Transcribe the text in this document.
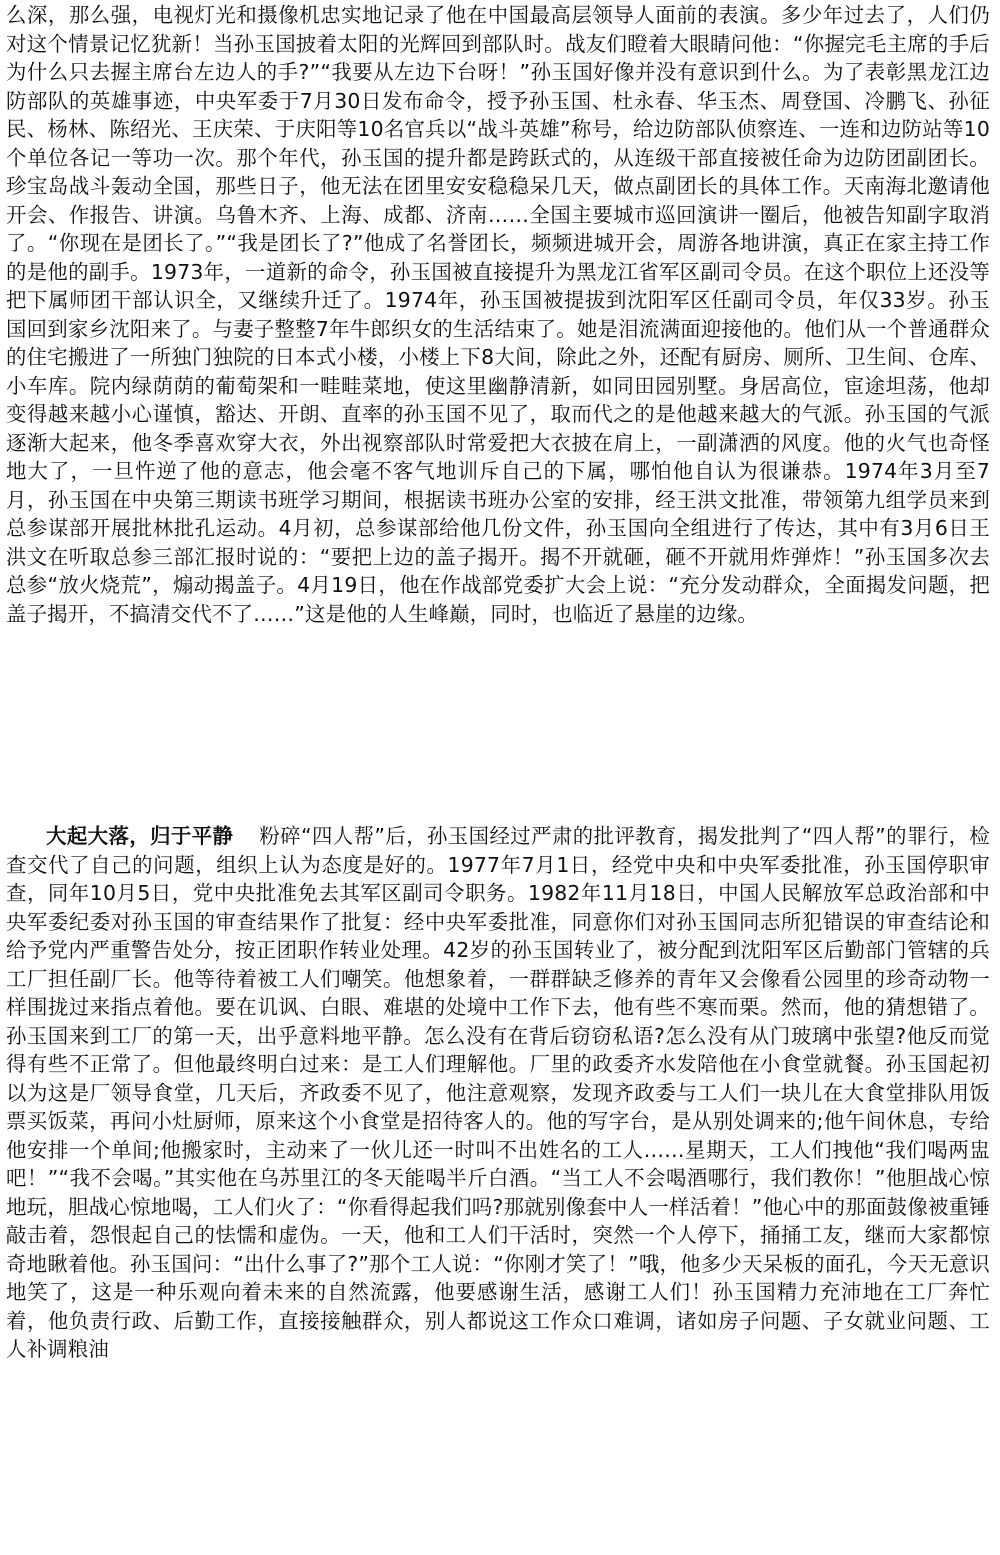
么深，那么强，电视灯光和摄像机忠实地记录了他在中国最高层领导人面前的表演。多少年过去了，人们仍对这个情景记忆犹新！当孙玉国披着太阳的光辉回到部队时。战友们瞪着大眼睛问他：“你握完毛主席的手后为什么只去握主席台左边人的手?”“我要从左边下台呀！”孙玉国好像并没有意识到什么。为了表彰黑龙江边防部队的英雄事迹，中央军委于7月30日发布命令，授予孙玉国、杜永春、华玉杰、周登国、冷鹏飞、孙征民、杨林、陈绍光、王庆荣、于庆阳等10名官兵以“战斗英雄”称号，给边防部队侦察连、一连和边防站等10个单位各记一等功一次。那个年代，孙玉国的提升都是跨跃式的，从连级干部直接被任命为边防团副团长。珍宝岛战斗轰动全国，那些日子，他无法在团里安安稳稳呆几天，做点副团长的具体工作。天南海北邀请他开会、作报告、讲演。乌鲁木齐、上海、成都、济南……全国主要城市巡回演讲一圈后，他被告知副字取消了。“你现在是团长了。”“我是团长了?”他成了名誉团长，频频进城开会，周游各地讲演，真正在家主持工作的是他的副手。1973年，一道新的命令，孙玉国被直接提升为黑龙江省军区副司令员。在这个职位上还没等把下属师团干部认识全，又继续升迁了。1974年，孙玉国被提拔到沈阳军区任副司令员，年仅33岁。孙玉国回到家乡沈阳来了。与妻子整整7年牛郎织女的生活结束了。她是泪流满面迎接他的。他们从一个普通群众的住宅搬进了一所独门独院的日本式小楼，小楼上下8大间，除此之外，还配有厨房、厕所、卫生间、仓库、小车库。院内绿荫荫的葡萄架和一畦畦菜地，使这里幽静清新，如同田园别墅。身居高位，宦途坦荡，他却变得越来越小心谨慎，豁达、开朗、直率的孙玉国不见了，取而代之的是他越来越大的气派。孙玉国的气派逐渐大起来，他冬季喜欢穿大衣，外出视察部队时常爱把大衣披在肩上，一副潇洒的风度。他的火气也奇怪地大了，一旦忤逆了他的意志，他会毫不客气地训斥自己的下属，哪怕他自认为很谦恭。1974年3月至7月，孙玉国在中央第三期读书班学习期间，根据读书班办公室的安排，经王洪文批准，带领第九组学员来到总参谋部开展批林批孔运动。4月初，总参谋部给他几份文件，孙玉国向全组进行了传达，其中有3月6日王洪文在听取总参三部汇报时说的：“要把上边的盖子揭开。揭不开就砸，砸不开就用炸弹炸！”孙玉国多次去总参“放火烧荒”，煽动揭盖子。4月19日，他在作战部党委扩大会上说：“充分发动群众，全面揭发问题，把盖子揭开，不搞清交代不了……”这是他的人生峰巅，同时，也临近了悬崖的边缘。

大起大落，归于平静 粉碎“四人帮”后，孙玉国经过严肃的批评教育，揭发批判了“四人帮”的罪行，检查交代了自己的问题，组织上认为态度是好的。1977年7月1日，经党中央和中央军委批准，孙玉国停职审查，同年10月5日，党中央批准免去其军区副司令职务。1982年11月18日，中国人民解放军总政治部和中央军委纪委对孙玉国的审查结果作了批复：经中央军委批准，同意你们对孙玉国同志所犯错误的审查结论和给予党内严重警告处分，按正团职作转业处理。42岁的孙玉国转业了，被分配到沈阳军区后勤部门管辖的兵工厂担任副厂长。他等待着被工人们嘲笑。他想象着，一群群缺乏修养的青年又会像看公园里的珍奇动物一样围拢过来指点着他。要在讥讽、白眼、难堪的处境中工作下去，他有些不寒而栗。然而，他的猜想错了。孙玉国来到工厂的第一天，出乎意料地平静。怎么没有在背后窃窃私语?怎么没有从门玻璃中张望?他反而觉得有些不正常了。但他最终明白过来：是工人们理解他。厂里的政委齐水发陪他在小食堂就餐。孙玉国起初以为这是厂领导食堂，几天后，齐政委不见了，他注意观察，发现齐政委与工人们一块儿在大食堂排队用饭票买饭菜，再问小灶厨师，原来这个小食堂是招待客人的。他的写字台，是从别处调来的;他午间休息，专给他安排一个单间;他搬家时，主动来了一伙儿还一时叫不出姓名的工人……星期天，工人们拽他“我们喝两盅吧！”“我不会喝。”其实他在乌苏里江的冬天能喝半斤白酒。“当工人不会喝酒哪行，我们教你！”他胆战心惊地玩，胆战心惊地喝，工人们火了：“你看得起我们吗?那就别像套中人一样活着！”他心中的那面鼓像被重锤敲击着，怨恨起自己的怯懦和虚伪。一天，他和工人们干活时，突然一个人停下，捅捅工友，继而大家都惊奇地瞅着他。孙玉国问：“出什么事了?”那个工人说：“你刚才笑了！”哦，他多少天呆板的面孔，今天无意识地笑了，这是一种乐观向着未来的自然流露，他要感谢生活，感谢工人们！孙玉国精力充沛地在工厂奔忙着，他负责行政、后勤工作，直接接触群众，别人都说这工作众口难调，诸如房子问题、子女就业问题、工人补调粮油
